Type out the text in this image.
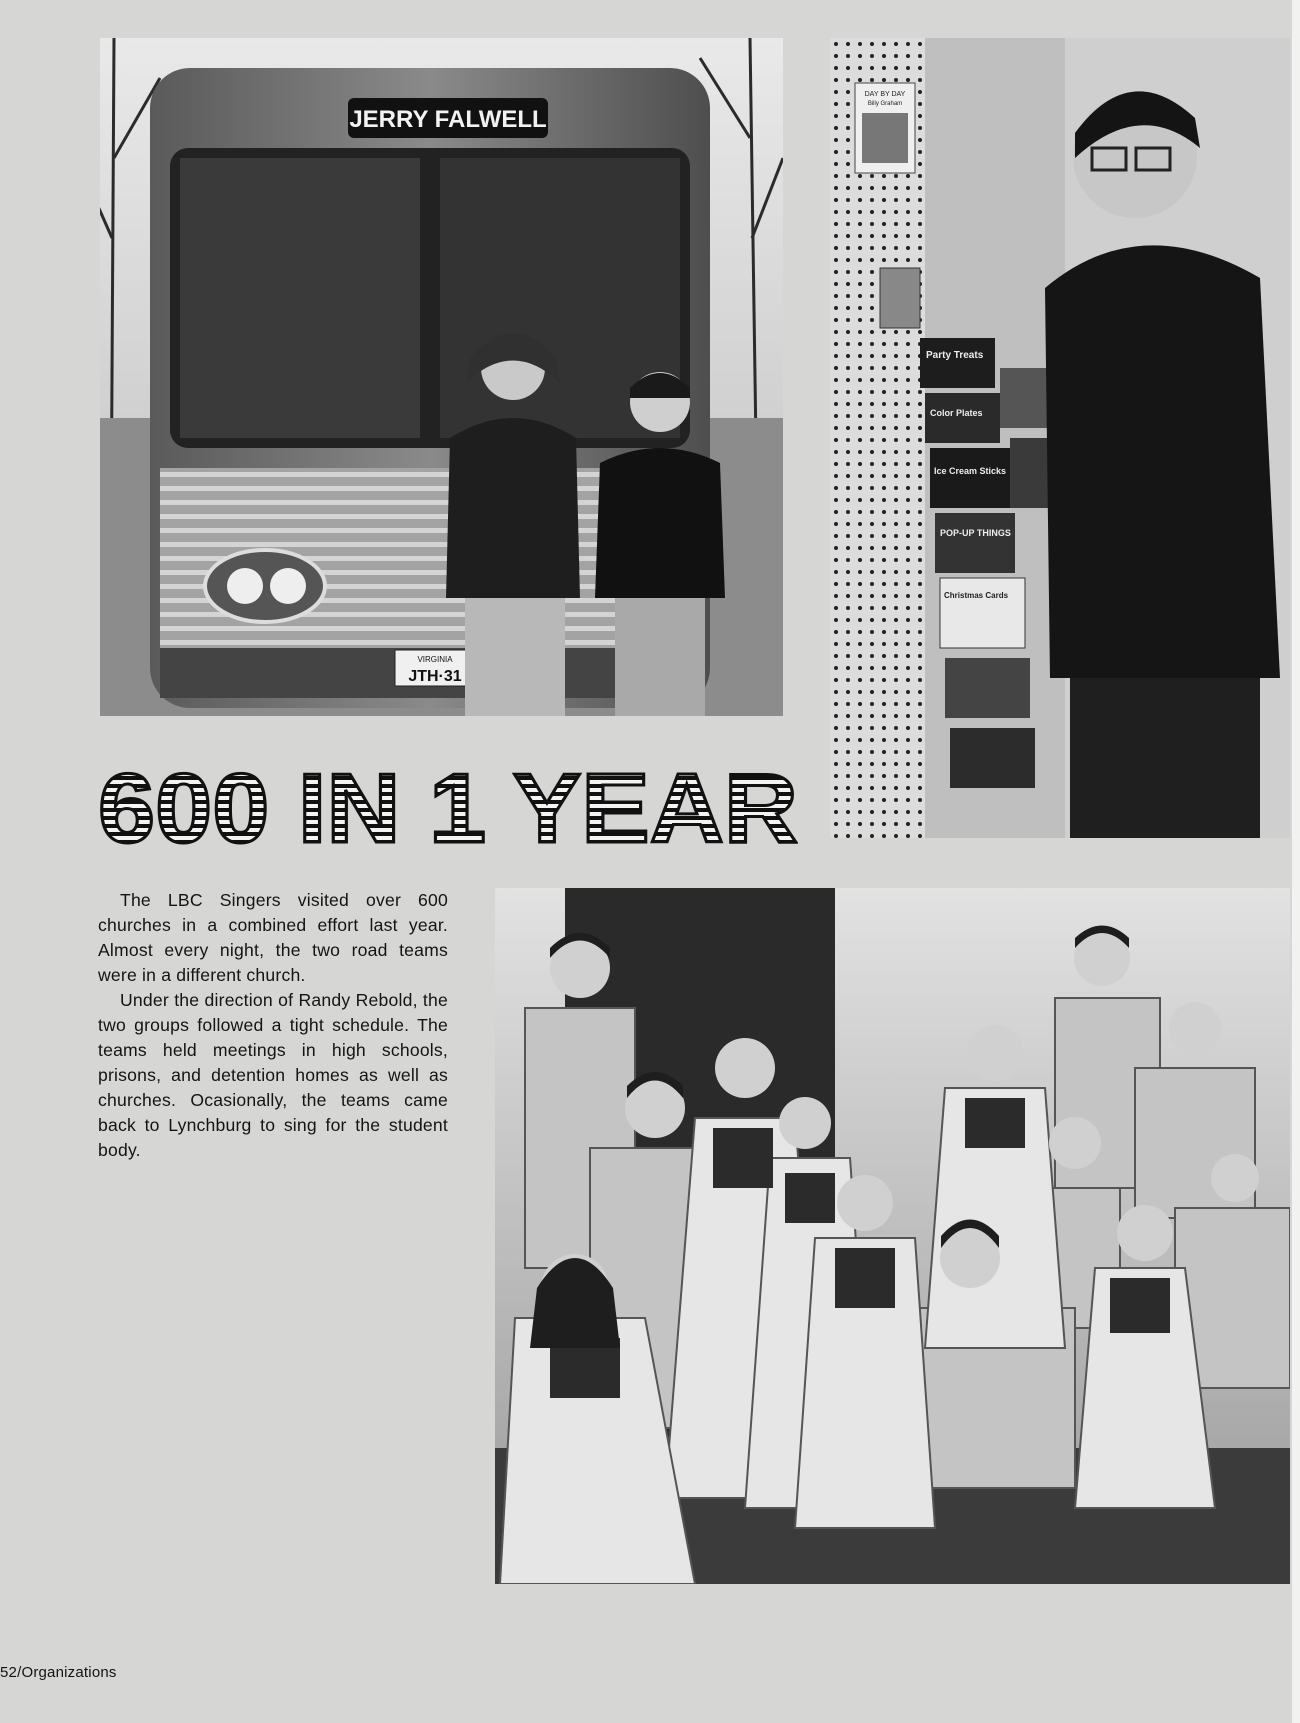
JERRY FALWELL
VIRGINIA
JTH·31
DAY BY DAY
Billy Graham
Party Treats
Color Plates
Ice Cream Sticks
POP-UP THINGS
Christmas Cards
600 IN 1 YEAR

The LBC Singers visited over 600 churches in a combined effort last year. Almost every night, the two road teams were in a different church.

Under the direction of Randy Rebold, the two groups followed a tight schedule. The teams held meetings in high schools, prisons, and detention homes as well as churches. Ocasionally, the teams came back to Lynchburg to sing for the student body.

52/Organizations
